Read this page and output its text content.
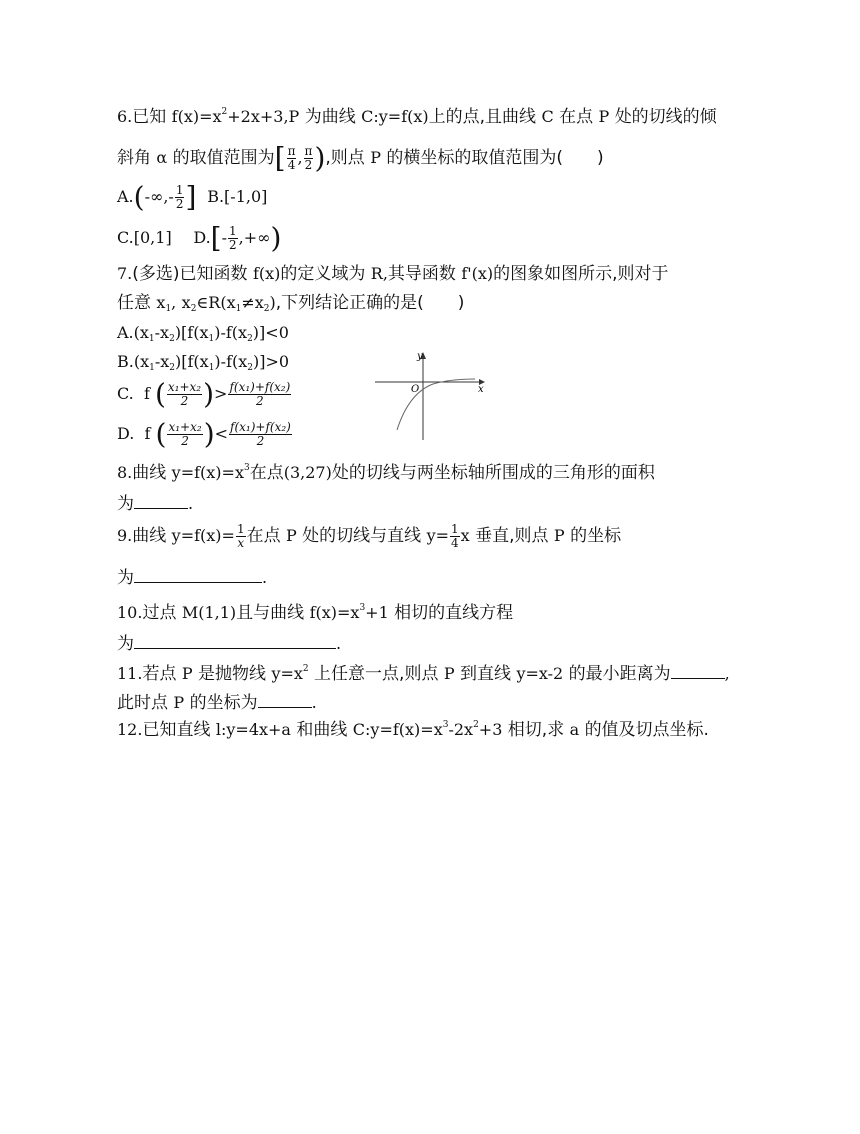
6.已知 $f(x)=x^2+2x+3,P$ 为曲线 C:y=f(x)上的点,且曲线 C 在点 P 处的切线的倾
斜角 α 的取值范围为[ $\frac{\pi}{4}$ , $\frac{\pi}{2}$ ),则点 P 的横坐标的取值范围为(　　)
$A.(-\infty,- \frac{1}{2}$ ] B.[-1,0]
C.[0,1] $D.[- \frac{1}{2}$ ,+∞)
7.(多选)已知函数 f(x)的定义域为 R,其导函数 f'(x)的图象如图所示,则对于
任意 $x_1$, $x_2\in R(x_1\ne x_2)$,下列结论正确的是(　　)
$A.(x_1-x_2)[f(x_1)-f(x_2)]<0$
$B.(x_1-x_2)[f(x_1)-f(x_2)]>0$
C. f ( $\frac{\text{x₁+x₂}}{2}$ )> $\frac{\text{f(x₁)+f(x₂)}}{2}$
D. f ( $\frac{\text{x₁+x₂}}{2}$ )< $\frac{\text{f(x₁)+f(x₂)}}{2}$
y
O	x
8.曲线 $y=f(x)=x^3$在点(3,27)处的切线与两坐标轴所围成的三角形的面积
为	.
9.曲线 $y=f(x)= \frac{1}{x}$ 在点 P 处的切线与直线 $y= \frac{1}{4}$ x 垂直,则点 P 的坐标
为	.
10.过点 M(1,1)且与曲线 $f(x)=x^3+1$ 相切的直线方程
为	.
11.若点 P 是抛物线 $y=x^2$ 上任意一点,则点 P 到直线 y=x-2 的最小距离为	,
此时点 P 的坐标为	.
12.已知直线 l:y=4x+a 和曲线 $C:y=f(x)=x^3-2x^2+3$ 相切,求 a 的值及切点坐标.
